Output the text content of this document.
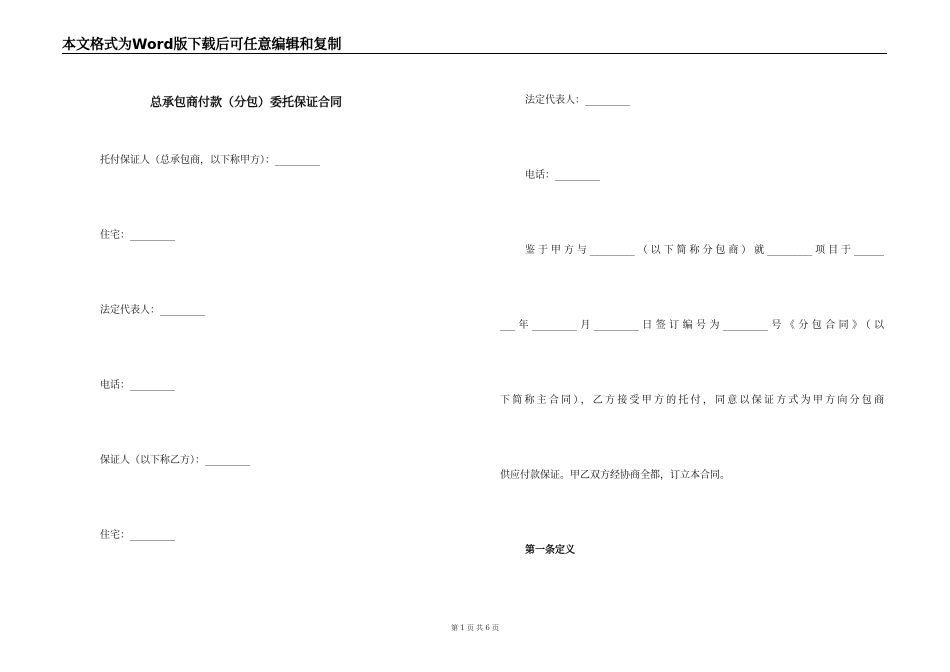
本文格式为Word版下载后可任意编辑和复制
总承包商付款（分包）委托保证合同
托付保证人（总承包商，以下称甲方）：_________
住宅：_________
法定代表人：_________
电话：_________
保证人（以下称乙方）：_________
住宅：_________
法定代表人：_________
电话：_________
鉴于甲方与_________（以下简称分包商）就_________项目于______
___年_________月_________日签订编号为_________号《分包合同》（以
下简称主合同），乙方接受甲方的托付，同意以保证方式为甲方向分包商
供应付款保证。甲乙双方经协商全都，订立本合同。
第一条定义
第 1 页 共 6 页
